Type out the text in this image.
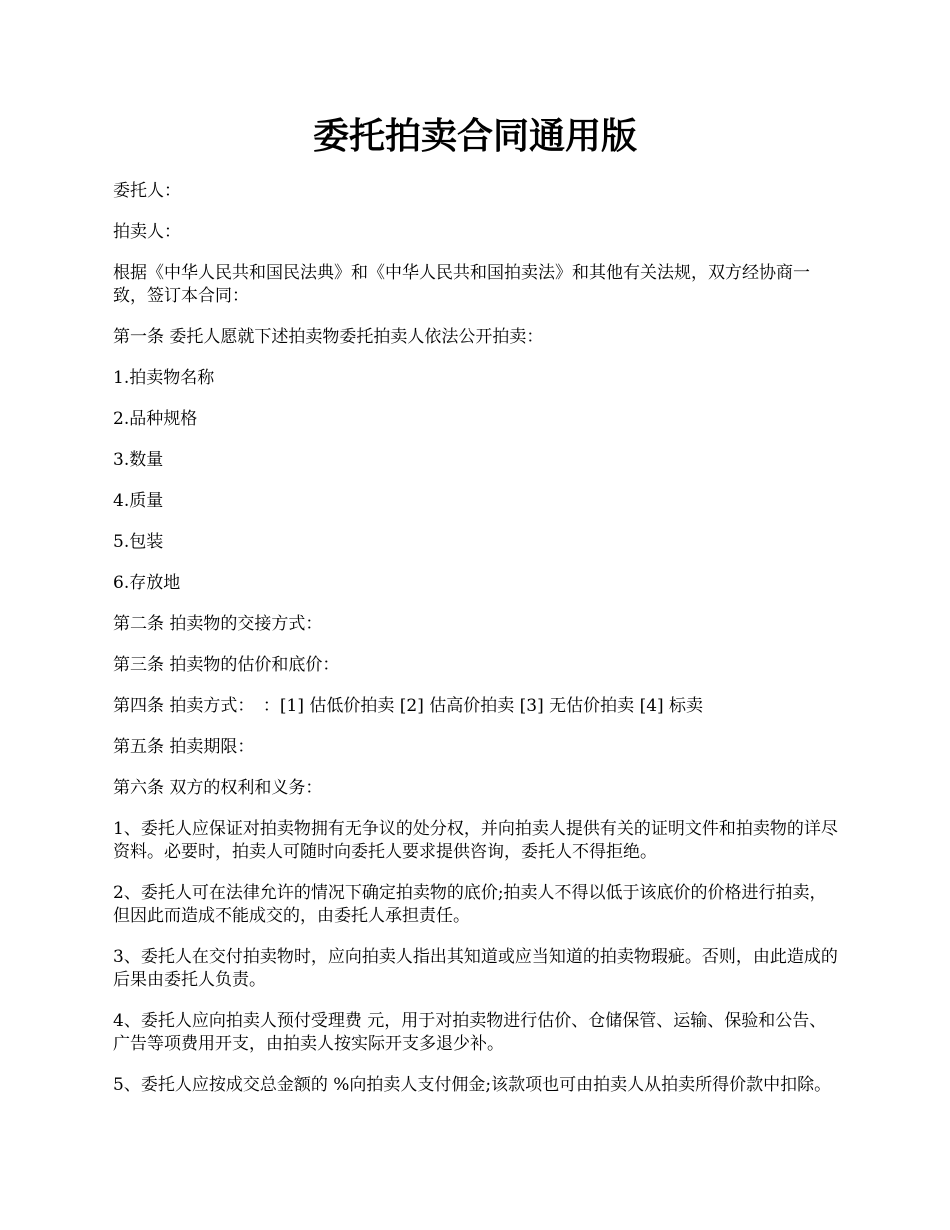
委托拍卖合同通用版

委托人：

拍卖人：

根据《中华人民共和国民法典》和《中华人民共和国拍卖法》和其他有关法规，双方经协商一致，签订本合同：

第一条 委托人愿就下述拍卖物委托拍卖人依法公开拍卖：

1.拍卖物名称

2.品种规格

3.数量

4.质量

5.包装

6.存放地

第二条 拍卖物的交接方式：

第三条 拍卖物的估价和底价：

第四条 拍卖方式：　：[1] 估低价拍卖 [2] 估高价拍卖 [3] 无估价拍卖 [4] 标卖

第五条 拍卖期限：

第六条 双方的权利和义务：

1、委托人应保证对拍卖物拥有无争议的处分权，并向拍卖人提供有关的证明文件和拍卖物的详尽资料。必要时，拍卖人可随时向委托人要求提供咨询，委托人不得拒绝。

2、委托人可在法律允许的情况下确定拍卖物的底价;拍卖人不得以低于该底价的价格进行拍卖，但因此而造成不能成交的，由委托人承担责任。

3、委托人在交付拍卖物时，应向拍卖人指出其知道或应当知道的拍卖物瑕疵。否则，由此造成的后果由委托人负责。

4、委托人应向拍卖人预付受理费 元，用于对拍卖物进行估价、仓储保管、运输、保验和公告、广告等项费用开支，由拍卖人按实际开支多退少补。

5、委托人应按成交总金额的 %向拍卖人支付佣金;该款项也可由拍卖人从拍卖所得价款中扣除。
